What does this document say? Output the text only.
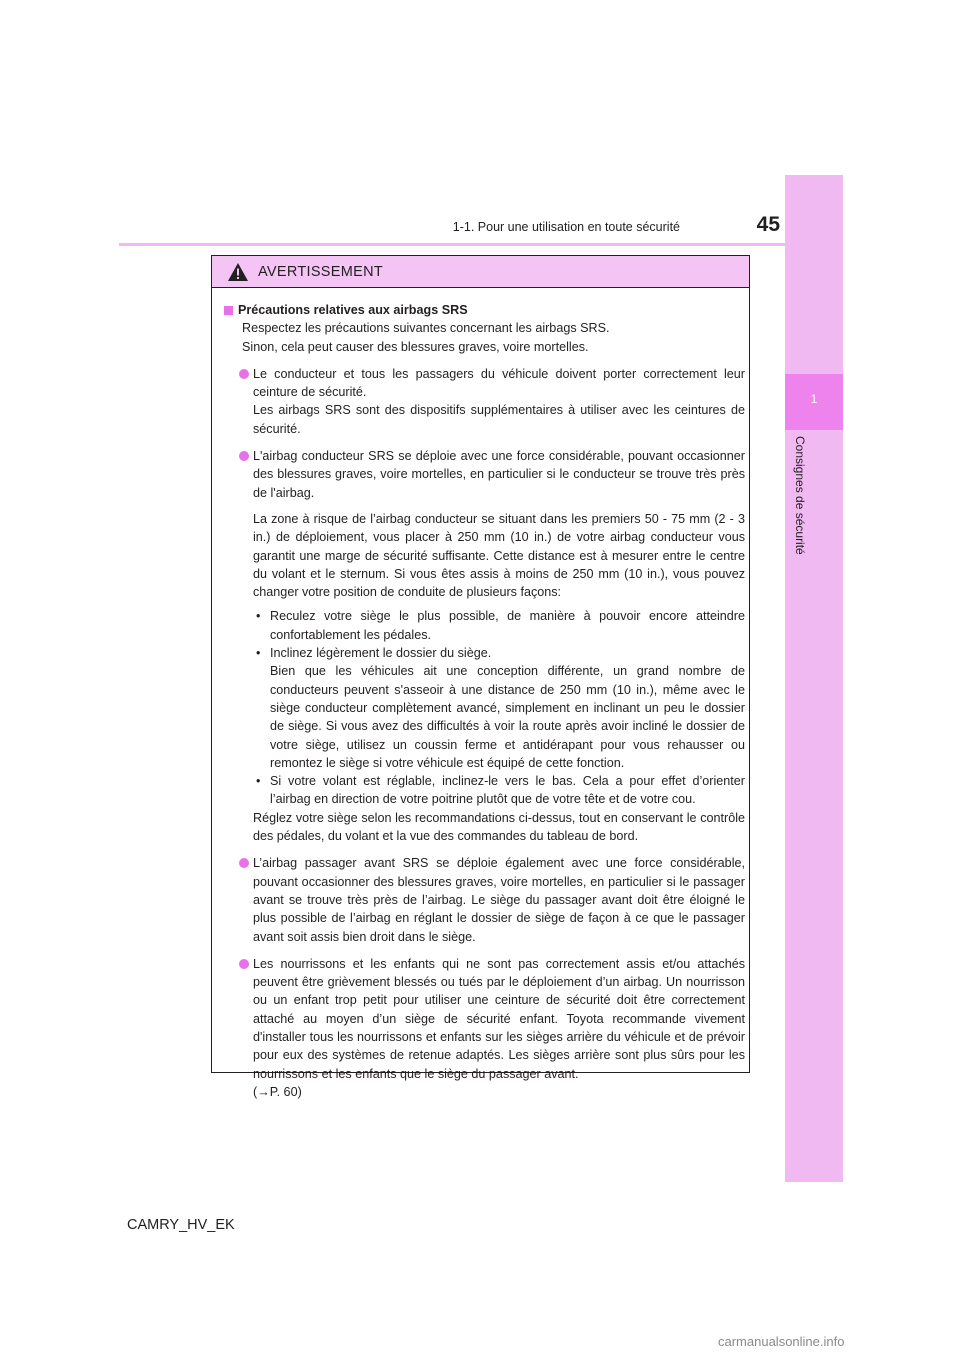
1
Consignes de sécurité
1-1. Pour une utilisation en toute sécurité	45
AVERTISSEMENT
Précautions relatives aux airbags SRS
Respectez les précautions suivantes concernant les airbags SRS.
Sinon, cela peut causer des blessures graves, voire mortelles.
Le conducteur et tous les passagers du véhicule doivent porter correctement leur ceinture de sécurité.
Les airbags SRS sont des dispositifs supplémentaires à utiliser avec les ceintures de sécurité.
L'airbag conducteur SRS se déploie avec une force considérable, pouvant occasionner des blessures graves, voire mortelles, en particulier si le conducteur se trouve très près de l'airbag.
La zone à risque de l’airbag conducteur se situant dans les premiers 50 - 75 mm (2 - 3 in.) de déploiement, vous placer à 250 mm (10 in.) de votre airbag conducteur vous garantit une marge de sécurité suffisante. Cette distance est à mesurer entre le centre du volant et le sternum. Si vous êtes assis à moins de 250 mm (10 in.), vous pouvez changer votre position de conduite de plusieurs façons:
• Reculez votre siège le plus possible, de manière à pouvoir encore atteindre confortablement les pédales.
• Inclinez légèrement le dossier du siège.
Bien que les véhicules ait une conception différente, un grand nombre de conducteurs peuvent s'asseoir à une distance de 250 mm (10 in.), même avec le siège conducteur complètement avancé, simplement en inclinant un peu le dossier de siège. Si vous avez des difficultés à voir la route après avoir incliné le dossier de votre siège, utilisez un coussin ferme et antidérapant pour vous rehausser ou remontez le siège si votre véhicule est équipé de cette fonction.
• Si votre volant est réglable, inclinez-le vers le bas. Cela a pour effet d’orienter l’airbag en direction de votre poitrine plutôt que de votre tête et de votre cou.
Réglez votre siège selon les recommandations ci-dessus, tout en conservant le contrôle des pédales, du volant et la vue des commandes du tableau de bord.
L’airbag passager avant SRS se déploie également avec une force considérable, pouvant occasionner des blessures graves, voire mortelles, en particulier si le passager avant se trouve très près de l’airbag. Le siège du passager avant doit être éloigné le plus possible de l’airbag en réglant le dossier de siège de façon à ce que le passager avant soit assis bien droit dans le siège.
Les nourrissons et les enfants qui ne sont pas correctement assis et/ou attachés peuvent être grièvement blessés ou tués par le déploiement d’un airbag. Un nourrisson ou un enfant trop petit pour utiliser une ceinture de sécurité doit être correctement attaché au moyen d’un siège de sécurité enfant. Toyota recommande vivement d'installer tous les nourrissons et enfants sur les sièges arrière du véhicule et de prévoir pour eux des systèmes de retenue adaptés. Les sièges arrière sont plus sûrs pour les nourrissons et les enfants que le siège du passager avant.
(→P. 60)
CAMRY_HV_EK
carmanualsonline.info
